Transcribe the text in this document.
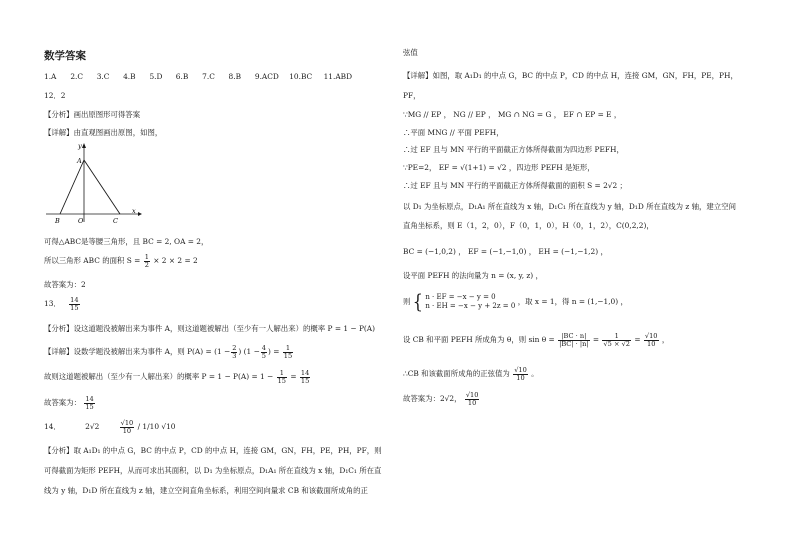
数学答案
1.A 2.C 3.C 4.B 5.D 6.B 7.C 8.B 9.ACD 10.BC 11.ABD
12．2
【分析】画出原图形可得答案
【详解】由直观图画出原图，如图，
y
A
B	O	C
x
可得△ABC是等腰三角形，且 BC = 2, OA = 2，
所以三角形 ABC 的面积 $S = \frac{1}{2} \times 2 \times 2 = 2$
故答案为：2
13． $\frac{14}{15}$
【分析】设这道题没被解出来为事件 A，则这道题被解出（至少有一人解出来）的概率 P = 1 − P(A)
【详解】设数学题没被解出来为事件 A，则 $P(A) = (1 - \frac{2}{3}$ ) ($1 - \frac{4}{5}$ ) = $\frac{1}{15}$
故则这道题被解出（至少有一人解出来）的概率 $P = 1 - P(A) = 1 - \frac{1}{15} = \frac{14}{15}$
故答案为： $\frac{14}{15}$
14．	2√2	$\frac{√10}{10} / 1/10$ √10
【分析】取 A₁D₁ 的中点 G，BC 的中点 P，CD 的中点 H，连接 GM，GN，FH，PE，PH，PF，则
可得截面为矩形 PEFH，从而可求出其面积，以 D₁ 为坐标原点，D₁A₁ 所在直线为 x 轴，D₁C₁ 所在直
线为 y 轴，D₁D 所在直线为 z 轴，建立空间直角坐标系，利用空间向量求 CB 和该截面所成角的正
弦值
【详解】如图，取 A₁D₁ 的中点 G，BC 的中点 P，CD 的中点 H，连接 GM，GN，FH，PE，PH，
PF，
∵MG // EP ， NG // EP ， MG ∩ NG = G ， EF ∩ EP = E ，
∴平面 MNG // 平面 PEFH，
∴过 EF 且与 MN 平行的平面截正方体所得截面为四边形 PEFH，
∵PE=2， EF = √(1+1) = √2 ，四边形 PEFH 是矩形，
∴过 EF 且与 MN 平行的平面截正方体所得截面的面积 S = 2√2 ；
以 D₁ 为坐标原点，D₁A₁ 所在直线为 x 轴，D₁C₁ 所在直线为 y 轴，D₁D 所在直线为 z 轴，建立空间
直角坐标系，则 E（1，2，0），F（0，1，0），H（0，1，2），C(0,2,2)，
BC = (−1,0,2) ， EF = (−1,−1,0) ， EH = (−1,−1,2) ，
设平面 PEFH 的法向量为 n = (x, y, z) ，
则 { n · EF = −x − y = 0
n · EH = −x − y + 2z = 0 ，取 x = 1，得 n = (1,−1,0) ，
设 CB 和平面 PEFH 所成角为 θ，则 $\sin \theta = \frac{|BC \cdot n|}{|BC| \cdot |n|} = \frac{1}{√5 \times √2} = \frac{√10}{10}$ ，
∴CB 和该截面所成角的正弦值为 $\frac{√10}{10}$ 。
故答案为：2√2， $\frac{√10}{10}$
